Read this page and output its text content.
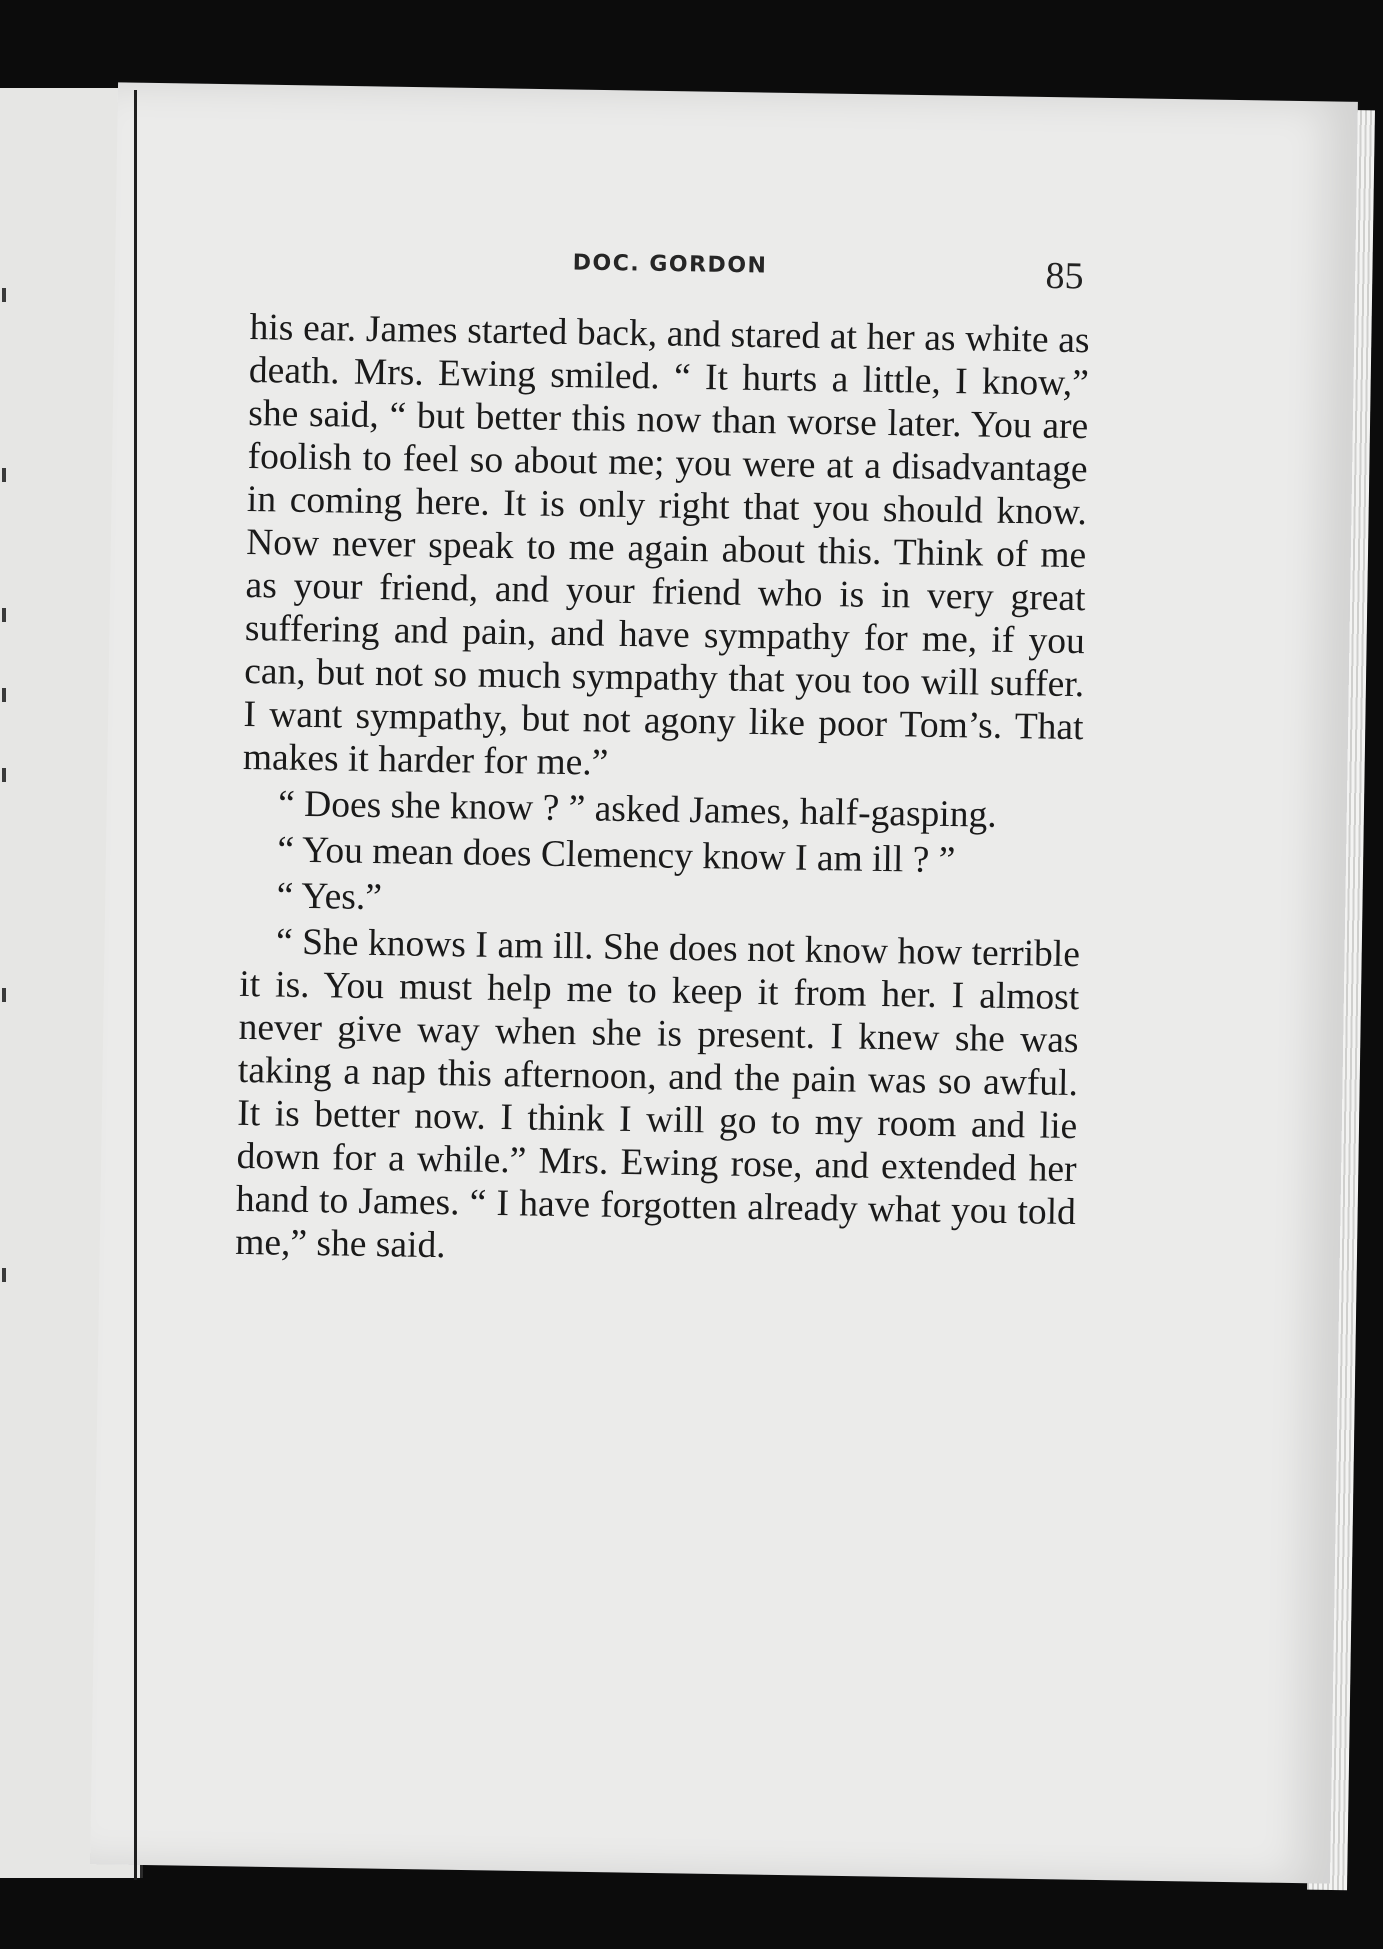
DOC. GORDON	85

his ear. James started back, and stared at her as white as death. Mrs. Ewing smiled. “ It hurts a little, I know,” she said, “ but better this now than worse later. You are foolish to feel so about me; you were at a disadvantage in coming here. It is only right that you should know. Now never speak to me again about this. Think of me as your friend, and your friend who is in very great suffering and pain, and have sympathy for me, if you can, but not so much sympathy that you too will suffer. I want sympathy, but not agony like poor Tom’s. That makes it harder for me.”

“ Does she know ? ” asked James, half-gasping.

“ You mean does Clemency know I am ill ? ”

“ Yes.”

“ She knows I am ill. She does not know how terrible it is. You must help me to keep it from her. I almost never give way when she is present. I knew she was taking a nap this afternoon, and the pain was so awful. It is better now. I think I will go to my room and lie down for a while.” Mrs. Ewing rose, and extended her hand to James. “ I have forgotten already what you told me,” she said.
